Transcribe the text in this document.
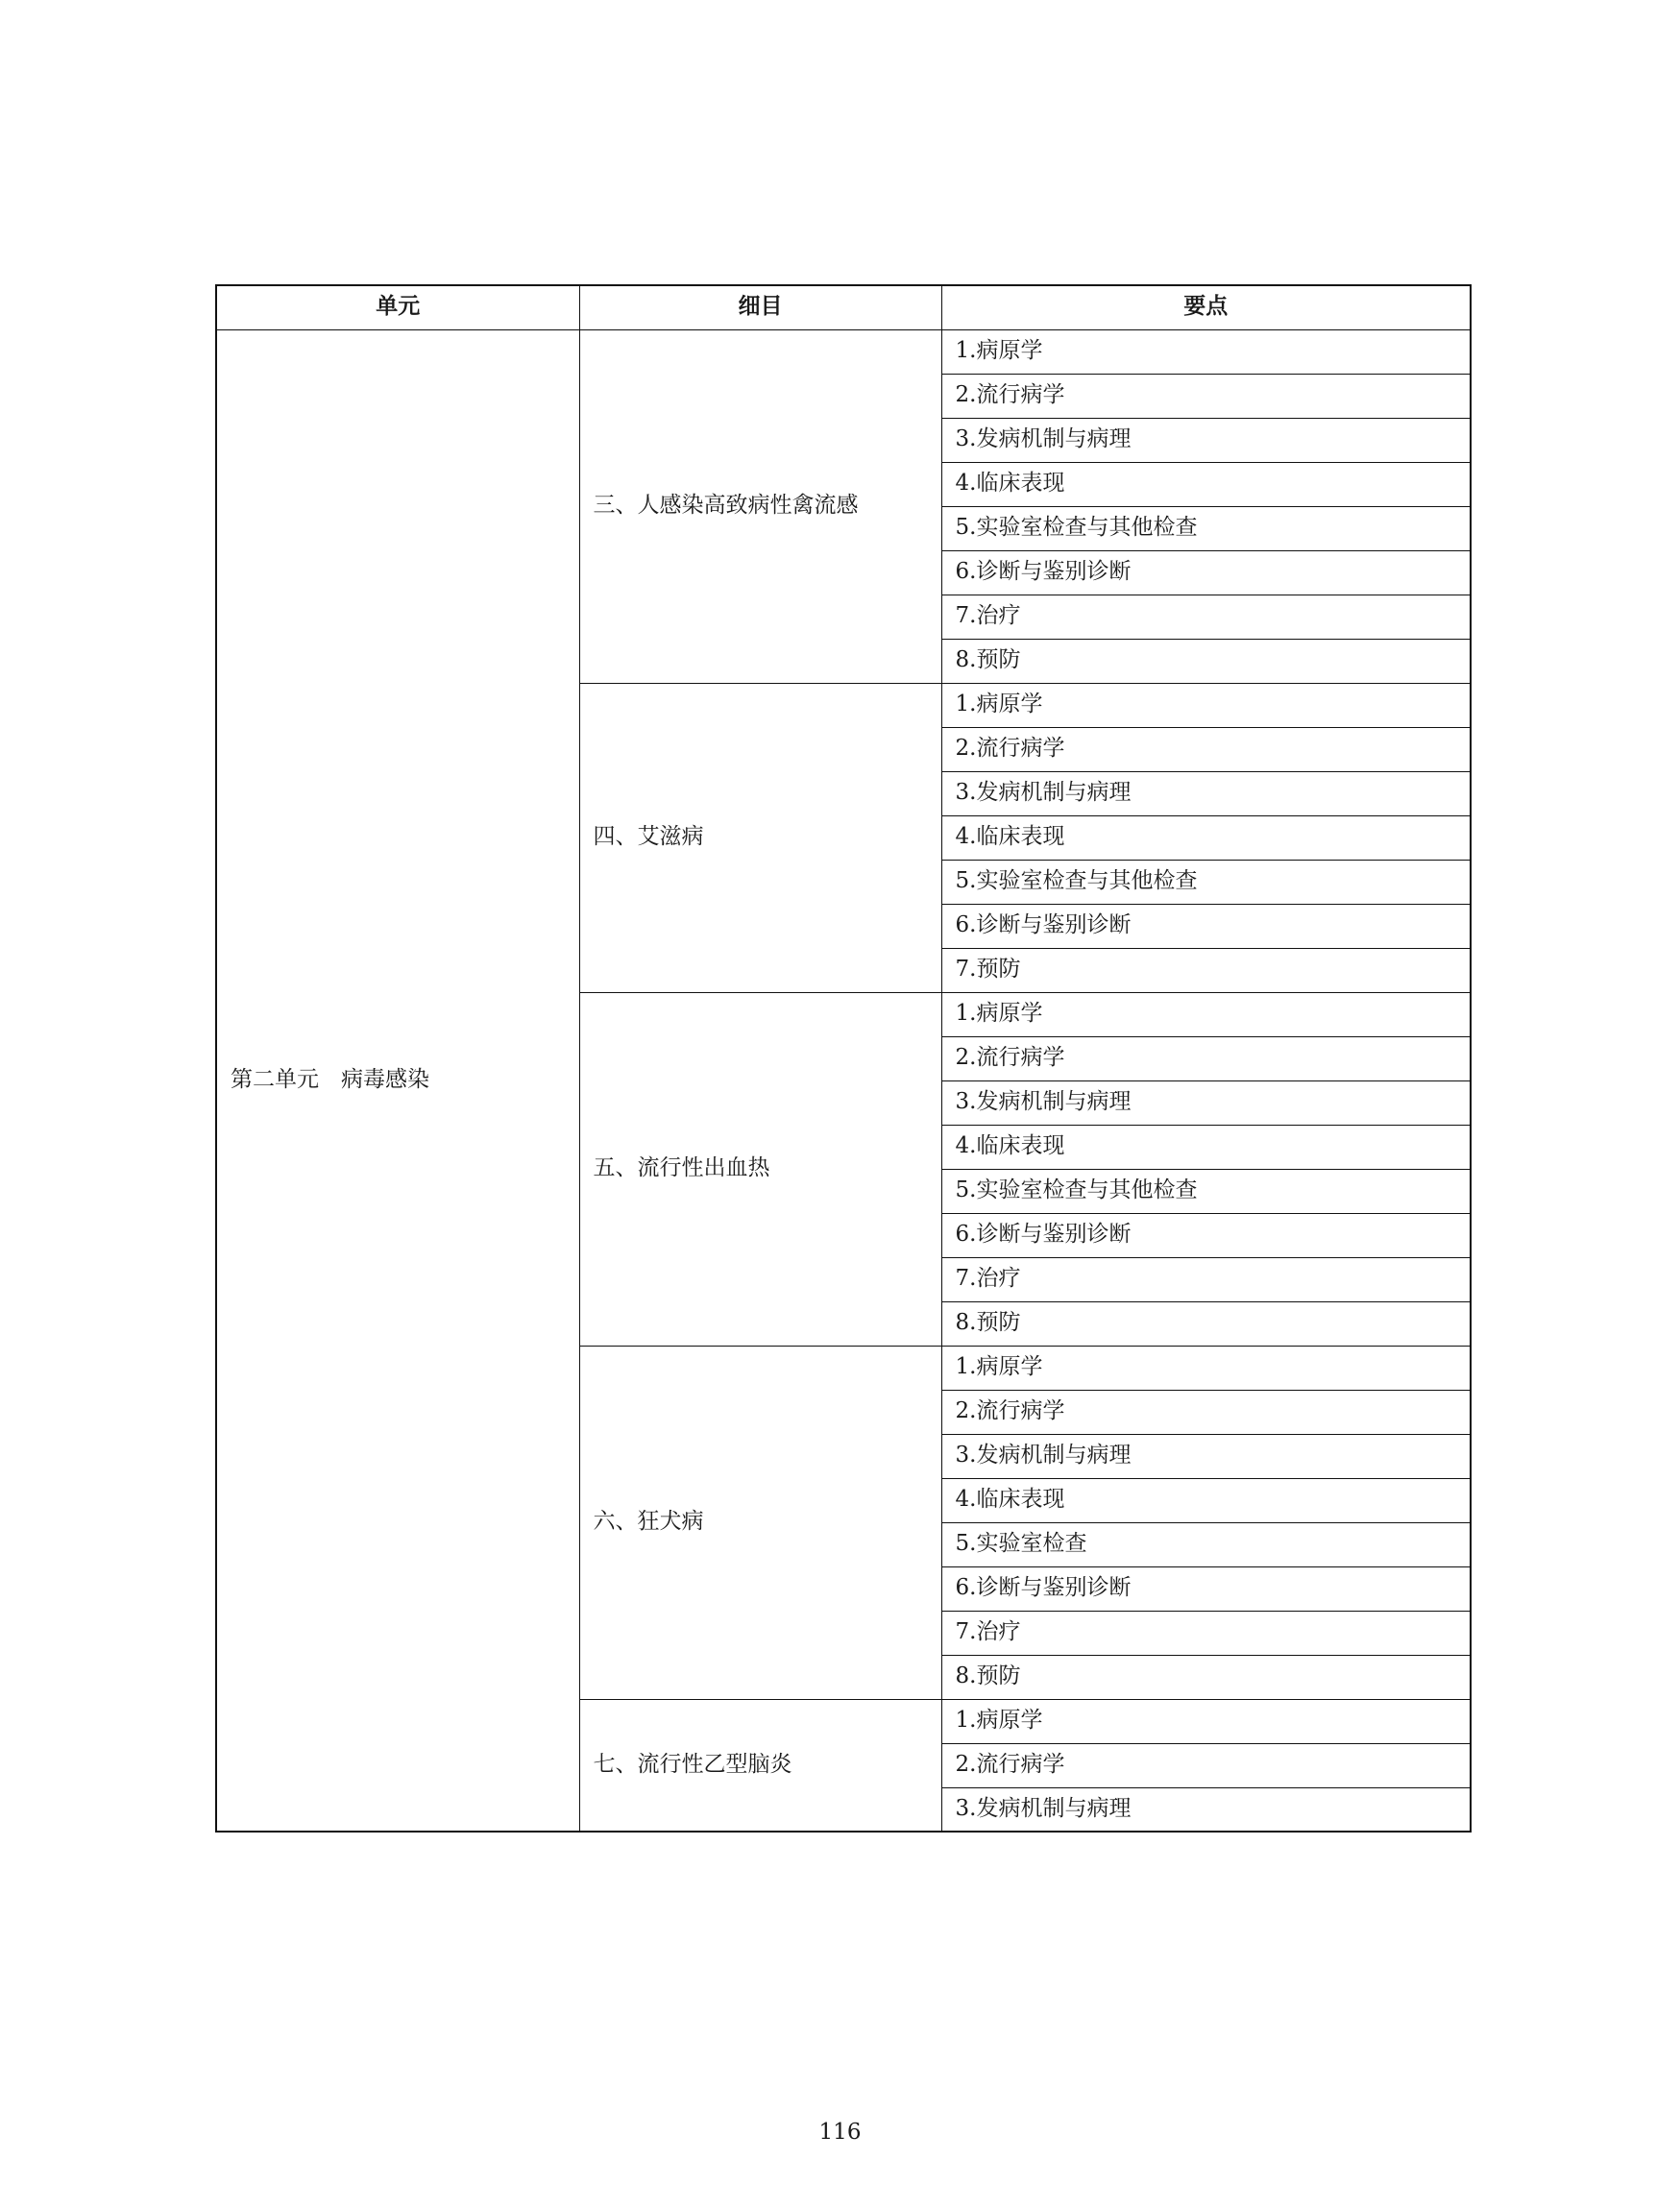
单元	细目	要点
第二单元　病毒感染	三、人感染高致病性禽流感	1.病原学
		2.流行病学
		3.发病机制与病理
		4.临床表现
		5.实验室检查与其他检查
		6.诊断与鉴别诊断
		7.治疗
		8.预防
	四、艾滋病	1.病原学
		2.流行病学
		3.发病机制与病理
		4.临床表现
		5.实验室检查与其他检查
		6.诊断与鉴别诊断
		7.预防
	五、流行性出血热	1.病原学
		2.流行病学
		3.发病机制与病理
		4.临床表现
		5.实验室检查与其他检查
		6.诊断与鉴别诊断
		7.治疗
		8.预防
	六、狂犬病	1.病原学
		2.流行病学
		3.发病机制与病理
		4.临床表现
		5.实验室检查
		6.诊断与鉴别诊断
		7.治疗
		8.预防
	七、流行性乙型脑炎	1.病原学
		2.流行病学
		3.发病机制与病理
116
